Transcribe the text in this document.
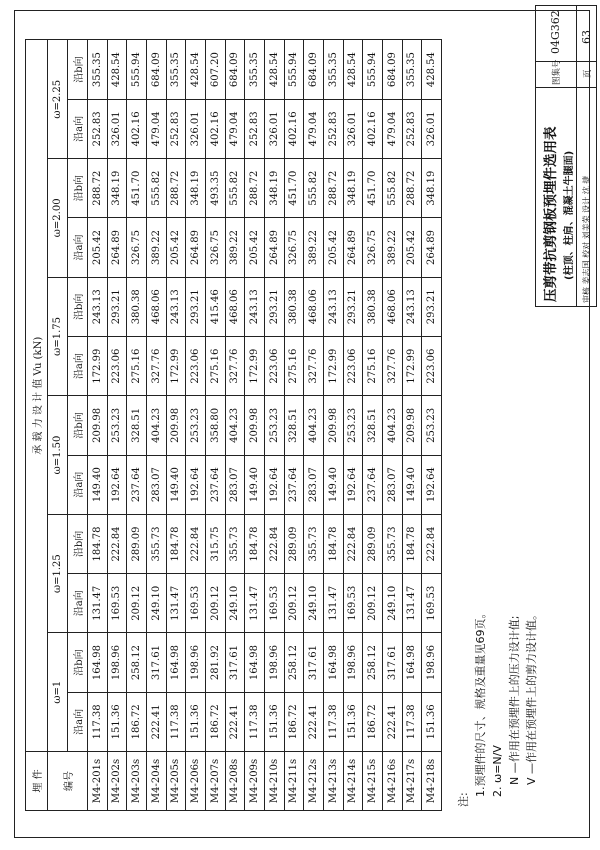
埋 件	承 载 力 设 计 值 Vu (kN)											
编号	ω=1		ω=1.25		ω=1.50		ω=1.75		ω=2.00		ω=2.25	
	沿a向	沿b向	沿a向	沿b向	沿a向	沿b向	沿a向	沿b向	沿a向	沿b向	沿a向	沿b向
M4-201s	117.38	164.98	131.47	184.78	149.40	209.98	172.99	243.13	205.42	288.72	252.83	355.35
M4-202s	151.36	198.96	169.53	222.84	192.64	253.23	223.06	293.21	264.89	348.19	326.01	428.54
M4-203s	186.72	258.12	209.12	289.09	237.64	328.51	275.16	380.38	326.75	451.70	402.16	555.94
M4-204s	222.41	317.61	249.10	355.73	283.07	404.23	327.76	468.06	389.22	555.82	479.04	684.09
M4-205s	117.38	164.98	131.47	184.78	149.40	209.98	172.99	243.13	205.42	288.72	252.83	355.35
M4-206s	151.36	198.96	169.53	222.84	192.64	253.23	223.06	293.21	264.89	348.19	326.01	428.54
M4-207s	186.72	281.92	209.12	315.75	237.64	358.80	275.16	415.46	326.75	493.35	402.16	607.20
M4-208s	222.41	317.61	249.10	355.73	283.07	404.23	327.76	468.06	389.22	555.82	479.04	684.09
M4-209s	117.38	164.98	131.47	184.78	149.40	209.98	172.99	243.13	205.42	288.72	252.83	355.35
M4-210s	151.36	198.96	169.53	222.84	192.64	253.23	223.06	293.21	264.89	348.19	326.01	428.54
M4-211s	186.72	258.12	209.12	289.09	237.64	328.51	275.16	380.38	326.75	451.70	402.16	555.94
M4-212s	222.41	317.61	249.10	355.73	283.07	404.23	327.76	468.06	389.22	555.82	479.04	684.09
M4-213s	117.38	164.98	131.47	184.78	149.40	209.98	172.99	243.13	205.42	288.72	252.83	355.35
M4-214s	151.36	198.96	169.53	222.84	192.64	253.23	223.06	293.21	264.89	348.19	326.01	428.54
M4-215s	186.72	258.12	209.12	289.09	237.64	328.51	275.16	380.38	326.75	451.70	402.16	555.94
M4-216s	222.41	317.61	249.10	355.73	283.07	404.23	327.76	468.06	389.22	555.82	479.04	684.09
M4-217s	117.38	164.98	131.47	184.78	149.40	209.98	172.99	243.13	205.42	288.72	252.83	355.35
M4-218s	151.36	198.96	169.53	222.84	192.64	253.23	223.06	293.21	264.89	348.19	326.01	428.54
注:
1.预埋件的尺寸、规格及重量见69页。 2. ω=N/V N —作用在预埋件上的压力设计值; V —作用在预埋件上的剪力设计值。
压剪带抗剪钢板预埋件选用表 (柱顶、柱肩、混凝土牛腿面) 审核 姜志国 校对 刘美荣 设计 沈 捷
图集号
04G362
页
63
